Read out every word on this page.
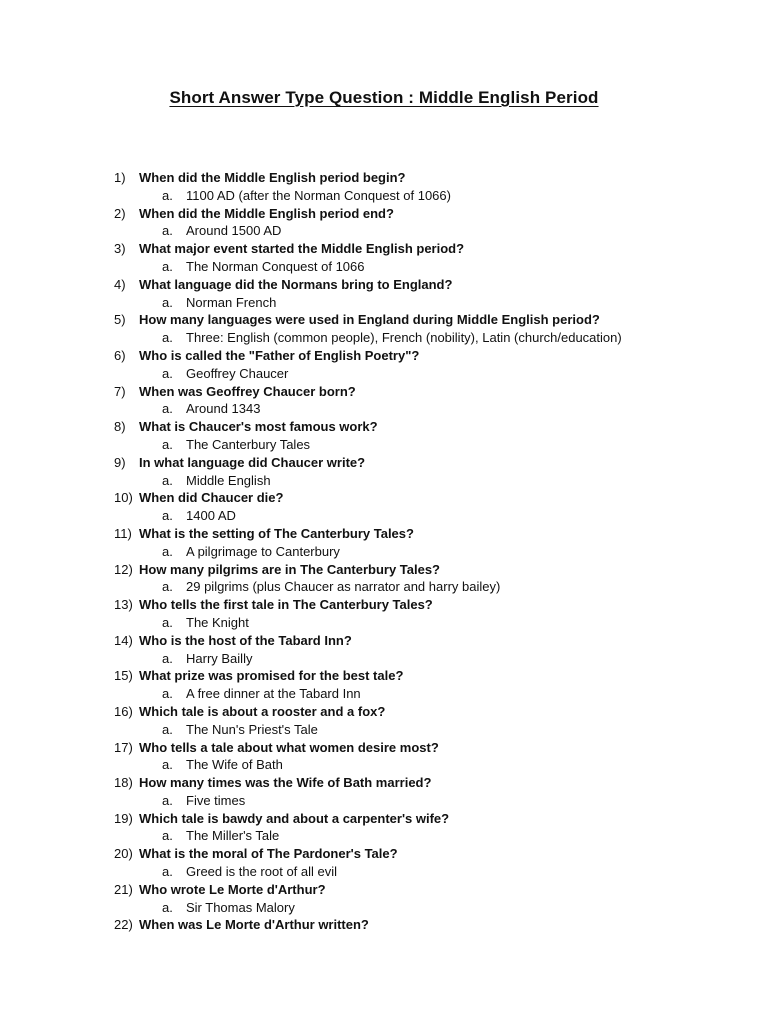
Short Answer Type Question : Middle English Period
1)	When did the Middle English period begin?
a. 1100 AD (after the Norman Conquest of 1066)
2)	When did the Middle English period end?
a. Around 1500 AD
3)	What major event started the Middle English period?
a. The Norman Conquest of 1066
4)	What language did the Normans bring to England?
a. Norman French
5)	How many languages were used in England during Middle English period?
a. Three: English (common people), French (nobility), Latin (church/education)
6)	Who is called the "Father of English Poetry"?
a. Geoffrey Chaucer
7)	When was Geoffrey Chaucer born?
a. Around 1343
8)	What is Chaucer's most famous work?
a. The Canterbury Tales
9)	In what language did Chaucer write?
a. Middle English
10) When did Chaucer die?
a. 1400 AD
11) What is the setting of The Canterbury Tales?
a. A pilgrimage to Canterbury
12) How many pilgrims are in The Canterbury Tales?
a. 29 pilgrims (plus Chaucer as narrator and harry bailey)
13) Who tells the first tale in The Canterbury Tales?
a. The Knight
14) Who is the host of the Tabard Inn?
a. Harry Bailly
15) What prize was promised for the best tale?
a. A free dinner at the Tabard Inn
16) Which tale is about a rooster and a fox?
a. The Nun's Priest's Tale
17) Who tells a tale about what women desire most?
a. The Wife of Bath
18) How many times was the Wife of Bath married?
a. Five times
19) Which tale is bawdy and about a carpenter's wife?
a. The Miller's Tale
20) What is the moral of The Pardoner's Tale?
a. Greed is the root of all evil
21) Who wrote Le Morte d'Arthur?
a. Sir Thomas Malory
22) When was Le Morte d'Arthur written?
